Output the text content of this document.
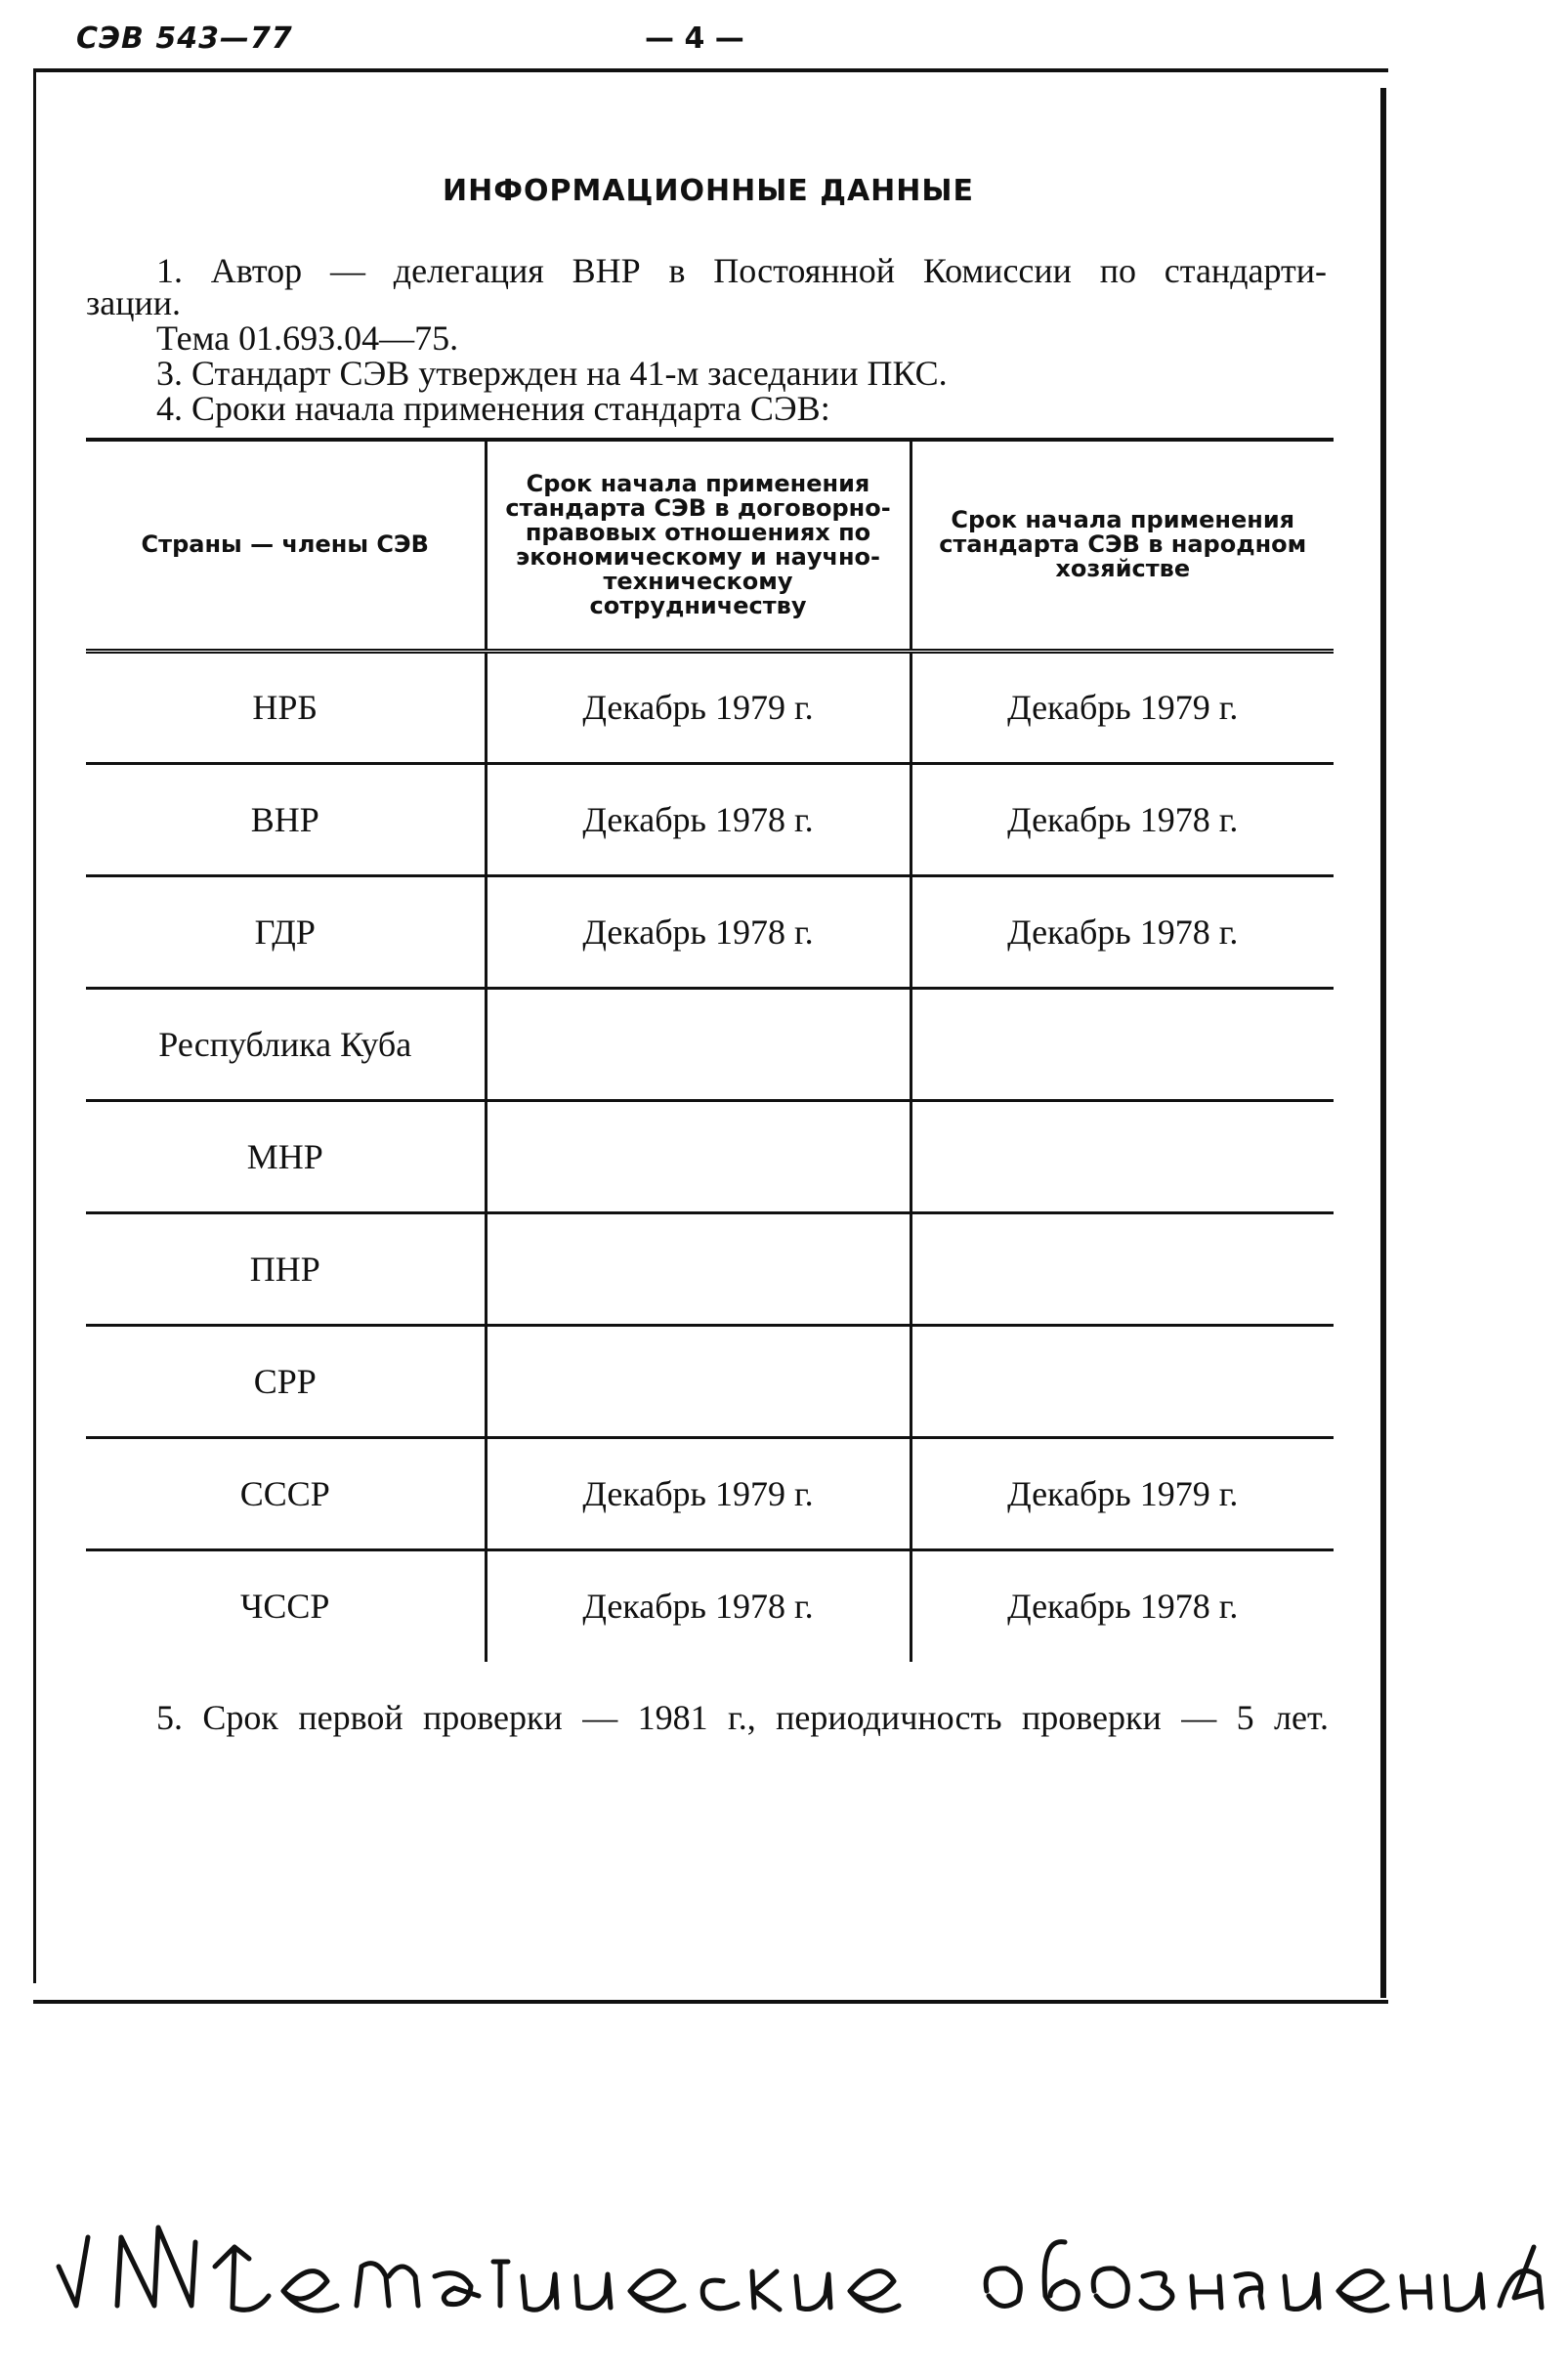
СЭВ 543—77	— 4 —
ИНФОРМАЦИОННЫЕ ДАННЫЕ
1. Автор — делегация ВНР в Постоянной Комиссии по стандарти-
зации.
Тема 01.693.04—75.
3. Стандарт СЭВ утвержден на 41-м заседании ПКС.
4. Сроки начала применения стандарта СЭВ:
Страны — члены СЭВ	Срок начала применения стандарта СЭВ в договорно-правовых отношениях по экономическому и научно-техническому сотрудничеству	Срок начала применения стандарта СЭВ в народном хозяйстве
НРБ	Декабрь 1979 г.	Декабрь 1979 г.
ВНР	Декабрь 1978 г.	Декабрь 1978 г.
ГДР	Декабрь 1978 г.	Декабрь 1978 г.
Республика Куба		
МНР		
ПНР		
СРР		
СССР	Декабрь 1979 г.	Декабрь 1979 г.
ЧССР	Декабрь 1978 г.	Декабрь 1978 г.
5. Срок первой проверки — 1981 г., периодичность проверки — 5 лет.
